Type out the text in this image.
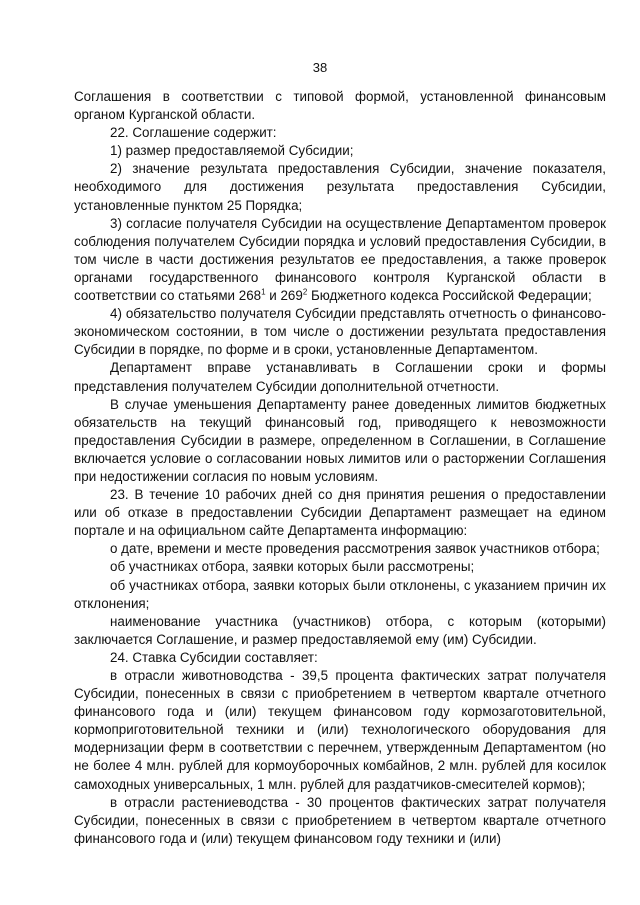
38

Соглашения в соответствии с типовой формой, установленной финансовым органом Курганской области.

22. Соглашение содержит:

1) размер предоставляемой Субсидии;

2) значение результата предоставления Субсидии, значение показателя, необходимого для достижения результата предоставления Субсидии, установленные пунктом 25 Порядка;

3) согласие получателя Субсидии на осуществление Департаментом проверок соблюдения получателем Субсидии порядка и условий предоставления Субсидии, в том числе в части достижения результатов ее предоставления, а также проверок органами государственного финансового контроля Курганской области в соответствии со статьями $268^1$ и $269^2$ Бюджетного кодекса Российской Федерации;

4) обязательство получателя Субсидии представлять отчетность о финансово-экономическом состоянии, в том числе о достижении результата предоставления Субсидии в порядке, по форме и в сроки, установленные Департаментом.

Департамент вправе устанавливать в Соглашении сроки и формы представления получателем Субсидии дополнительной отчетности.

В случае уменьшения Департаменту ранее доведенных лимитов бюджетных обязательств на текущий финансовый год, приводящего к невозможности предоставления Субсидии в размере, определенном в Соглашении, в Соглашение включается условие о согласовании новых лимитов или о расторжении Соглашения при недостижении согласия по новым условиям.

23. В течение 10 рабочих дней со дня принятия решения о предоставлении или об отказе в предоставлении Субсидии Департамент размещает на едином портале и на официальном сайте Департамента информацию:

о дате, времени и месте проведения рассмотрения заявок участников отбора;

об участниках отбора, заявки которых были рассмотрены;

об участниках отбора, заявки которых были отклонены, с указанием причин их отклонения;

наименование участника (участников) отбора, с которым (которыми) заключается Соглашение, и размер предоставляемой ему (им) Субсидии.

24. Ставка Субсидии составляет:

в отрасли животноводства - 39,5 процента фактических затрат получателя Субсидии, понесенных в связи с приобретением в четвертом квартале отчетного финансового года и (или) текущем финансовом году кормозаготовительной, кормоприготовительной техники и (или) технологического оборудования для модернизации ферм в соответствии с перечнем, утвержденным Департаментом (но не более 4 млн. рублей для кормоуборочных комбайнов, 2 млн. рублей для косилок самоходных универсальных, 1 млн. рублей для раздатчиков-смесителей кормов);

в отрасли растениеводства - 30 процентов фактических затрат получателя Субсидии, понесенных в связи с приобретением в четвертом квартале отчетного финансового года и (или) текущем финансовом году техники и (или)
